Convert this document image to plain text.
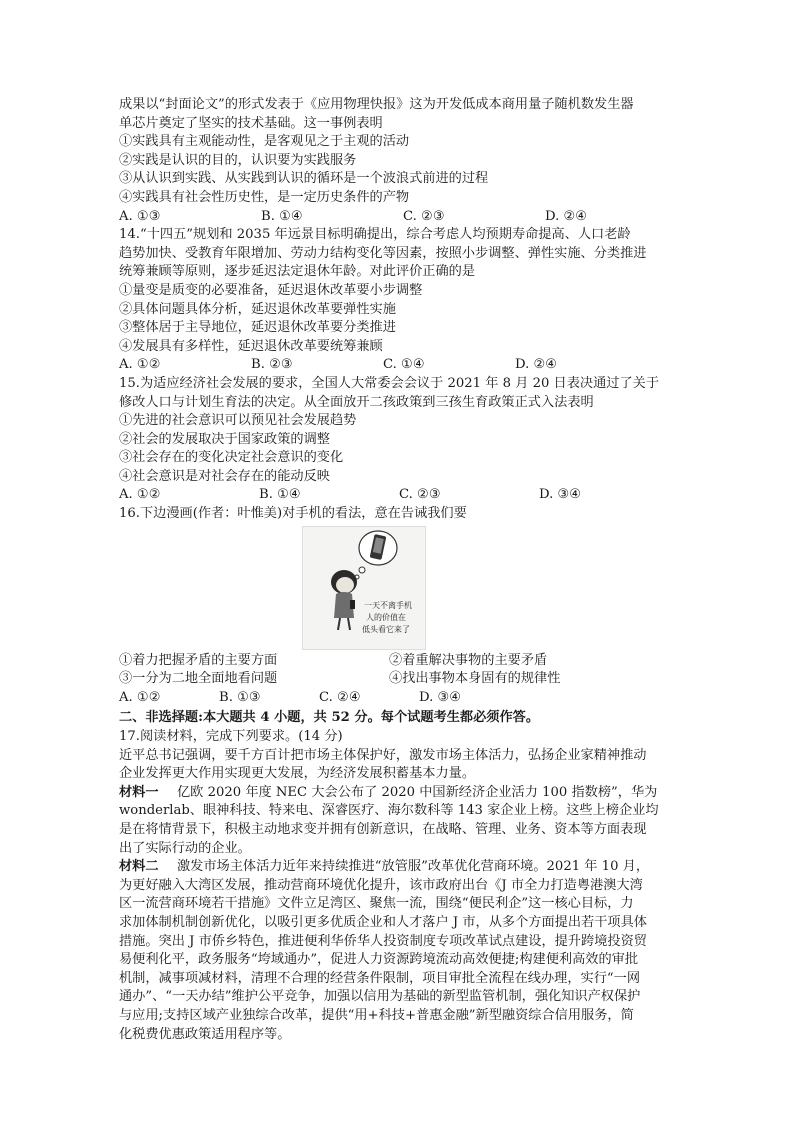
成果以“封面论文”的形式发表于《应用物理快报》这为开发低成本商用量子随机数发生器

单芯片奠定了坚实的技术基础。这一事例表明

①实践具有主观能动性，是客观见之于主观的活动

②实践是认识的目的，认识要为实践服务

③从认识到实践、从实践到认识的循环是一个波浪式前进的过程

④实践具有社会性历史性，是一定历史条件的产物

A. ①③	B. ①④	C. ②③	D. ②④

14.“十四五”规划和 2035 年远景目标明确提出，综合考虑人均预期寿命提高、人口老龄

趋势加快、受教育年限增加、劳动力结构变化等因素，按照小步调整、弹性实施、分类推进

统筹兼顾等原则，逐步延迟法定退休年龄。对此评价正确的是

①量变是质变的必要准备，延迟退休改革要小步调整

②具体问题具体分析，延迟退休改革要弹性实施

③整体居于主导地位，延迟退休改革要分类推进

④发展具有多样性，延迟退休改革要统筹兼顾

A. ①②	B. ②③	C. ①④	D. ②④

15.为适应经济社会发展的要求，全国人大常委会会议于 2021 年 8 月 20 日表决通过了关于

修改人口与计划生育法的决定。从全面放开二孩政策到三孩生育政策正式入法表明

①先进的社会意识可以预见社会发展趋势

②社会的发展取决于国家政策的调整

③社会存在的变化决定社会意识的变化

④社会意识是对社会存在的能动反映

A. ①②	B. ①④	C. ②③	D. ③④

16.下边漫画(作者：叶惟美)对手机的看法，意在告诫我们要

一天不离手机
人的价值在
低头看它来了
①着力把握矛盾的主要方面	②着重解决事物的主要矛盾
③一分为二地全面地看问题	④找出事物本身固有的规律性
A. ①②	B. ①③	C. ②④	D. ③④

二、非选择题:本大题共 4 小题，共 52 分。每个试题考生都必须作答。

17.阅读材料，完成下列要求。(14 分)

近平总书记强调，要千方百计把市场主体保护好，激发市场主体活力，弘扬企业家精神推动

企业发挥更大作用实现更大发展，为经济发展积蓄基本力量。

材料一 亿欧 2020 年度 NEC 大会公布了 2020 中国新经济企业活力 100 指数榜”，华为

wonderlab、眼神科技、特来电、深睿医疗、海尔数科等 143 家企业上榜。这些上榜企业均

是在将情背景下，积极主动地求变并拥有创新意识，在战略、管理、业务、资本等方面表现

出了实际行动的企业。

材料二 激发市场主体活力近年来持续推进“放管服”改革优化营商环境。2021 年 10 月，

为更好融入大湾区发展，推动营商环境优化提升，该市政府出台《J 市全力打造粤港澳大湾

区一流营商环境若干措施》文件立足湾区、聚焦一流，围绕“便民利企”这一核心目标，力

求加体制机制创新优化，以吸引更多优质企业和人才落户 J 市，从多个方面提出若干项具体

措施。突出 J 市侨乡特色，推进便利华侨华人投资制度专项改革试点建设，提升跨境投资贸

易便利化平，政务服务“垮域通办”，促进人力资源跨境流动高效便捷;构建便利高效的审批

机制，减事项减材料，清理不合理的经营条件限制，项目审批全流程在线办理，实行“一网

通办”、“一天办结”维护公平竞争，加强以信用为基础的新型监管机制，强化知识产权保护

与应用;支持区域产业独综合改革，提供“用+科技+普惠金融”新型融资综合信用服务，简

化税费优惠政策适用程序等。
